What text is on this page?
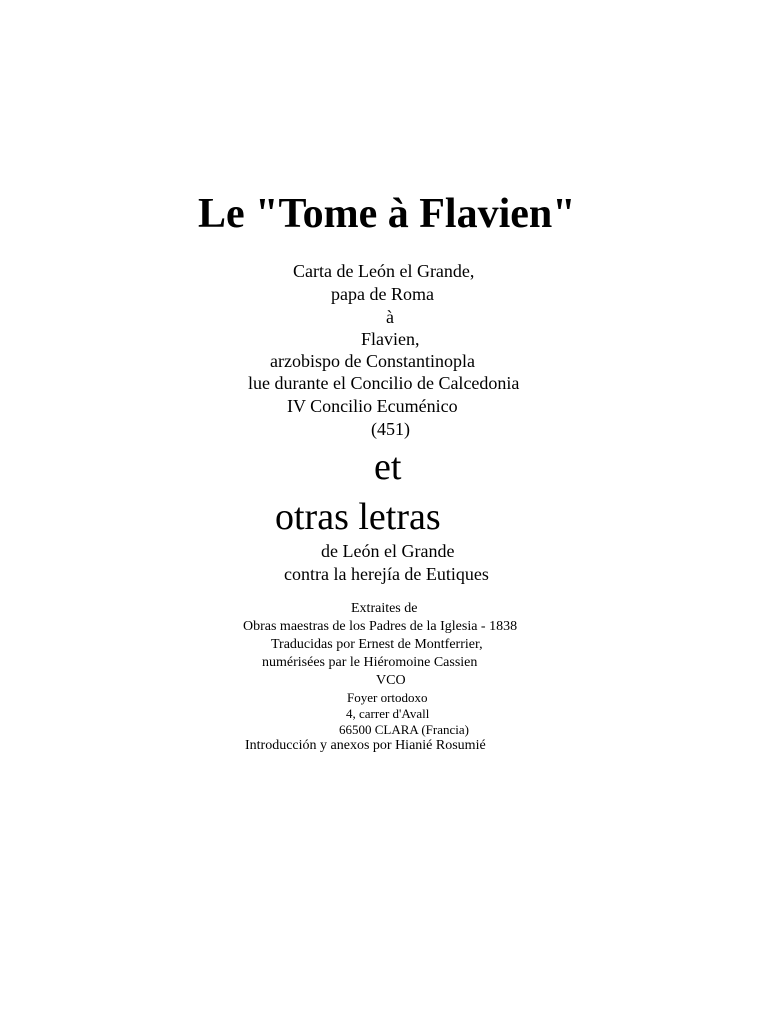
Le "Tome à Flavien"

Carta de León el Grande,

papa de Roma

à

Flavien,

arzobispo de Constantinopla

lue durante el Concilio de Calcedonia

IV Concilio Ecuménico

(451)

et
otras letras

de León el Grande

contra la herejía de Eutiques

Extraites de

Obras maestras de los Padres de la Iglesia - 1838

Traducidas por Ernest de Montferrier,

numérisées par le Hiéromoine Cassien

VCO

Foyer ortodoxo

4, carrer d'Avall

66500 CLARA (Francia)

Introducción y anexos por Hianié Rosumié
